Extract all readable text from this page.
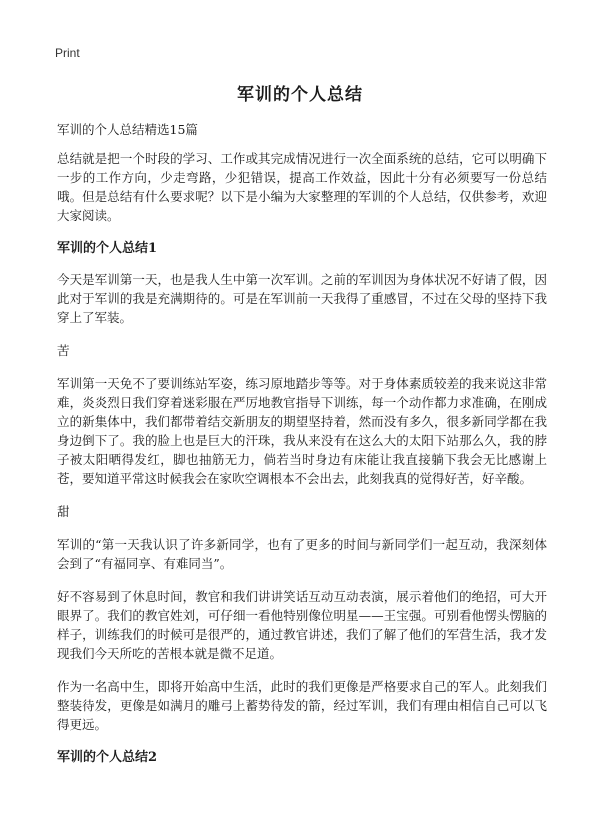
Print
军训的个人总结

军训的个人总结精选15篇

总结就是把一个时段的学习、工作或其完成情况进行一次全面系统的总结，它可以明确下一步的工作方向，少走弯路，少犯错误，提高工作效益，因此十分有必须要写一份总结哦。但是总结有什么要求呢？以下是小编为大家整理的军训的个人总结，仅供参考，欢迎大家阅读。

军训的个人总结1

今天是军训第一天，也是我人生中第一次军训。之前的军训因为身体状况不好请了假，因此对于军训的我是充满期待的。可是在军训前一天我得了重感冒，不过在父母的坚持下我穿上了军装。

苦

军训第一天免不了要训练站军姿，练习原地踏步等等。对于身体素质较差的我来说这非常难，炎炎烈日我们穿着迷彩服在严厉地教官指导下训练，每一个动作都力求准确，在刚成立的新集体中，我们都带着结交新朋友的期望坚持着，然而没有多久，很多新同学都在我身边倒下了。我的脸上也是巨大的汗珠，我从来没有在这么大的太阳下站那么久，我的脖子被太阳晒得发红，脚也抽筋无力，倘若当时身边有床能让我直接躺下我会无比感谢上苍，要知道平常这时候我会在家吹空调根本不会出去，此刻我真的觉得好苦，好辛酸。

甜

军训的“第一天我认识了许多新同学，也有了更多的时间与新同学们一起互动，我深刻体会到了“有福同享、有难同当”。

好不容易到了休息时间，教官和我们讲讲笑话互动互动表演，展示着他们的绝招，可大开眼界了。我们的教官姓刘，可仔细一看他特别像位明星——王宝强。可别看他愣头愣脑的样子，训练我们的时候可是很严的，通过教官讲述，我们了解了他们的军营生活，我才发现我们今天所吃的苦根本就是微不足道。

作为一名高中生，即将开始高中生活，此时的我们更像是严格要求自己的军人。此刻我们整装待发，更像是如满月的雕弓上蓄势待发的箭，经过军训，我们有理由相信自己可以飞得更远。

军训的个人总结2
